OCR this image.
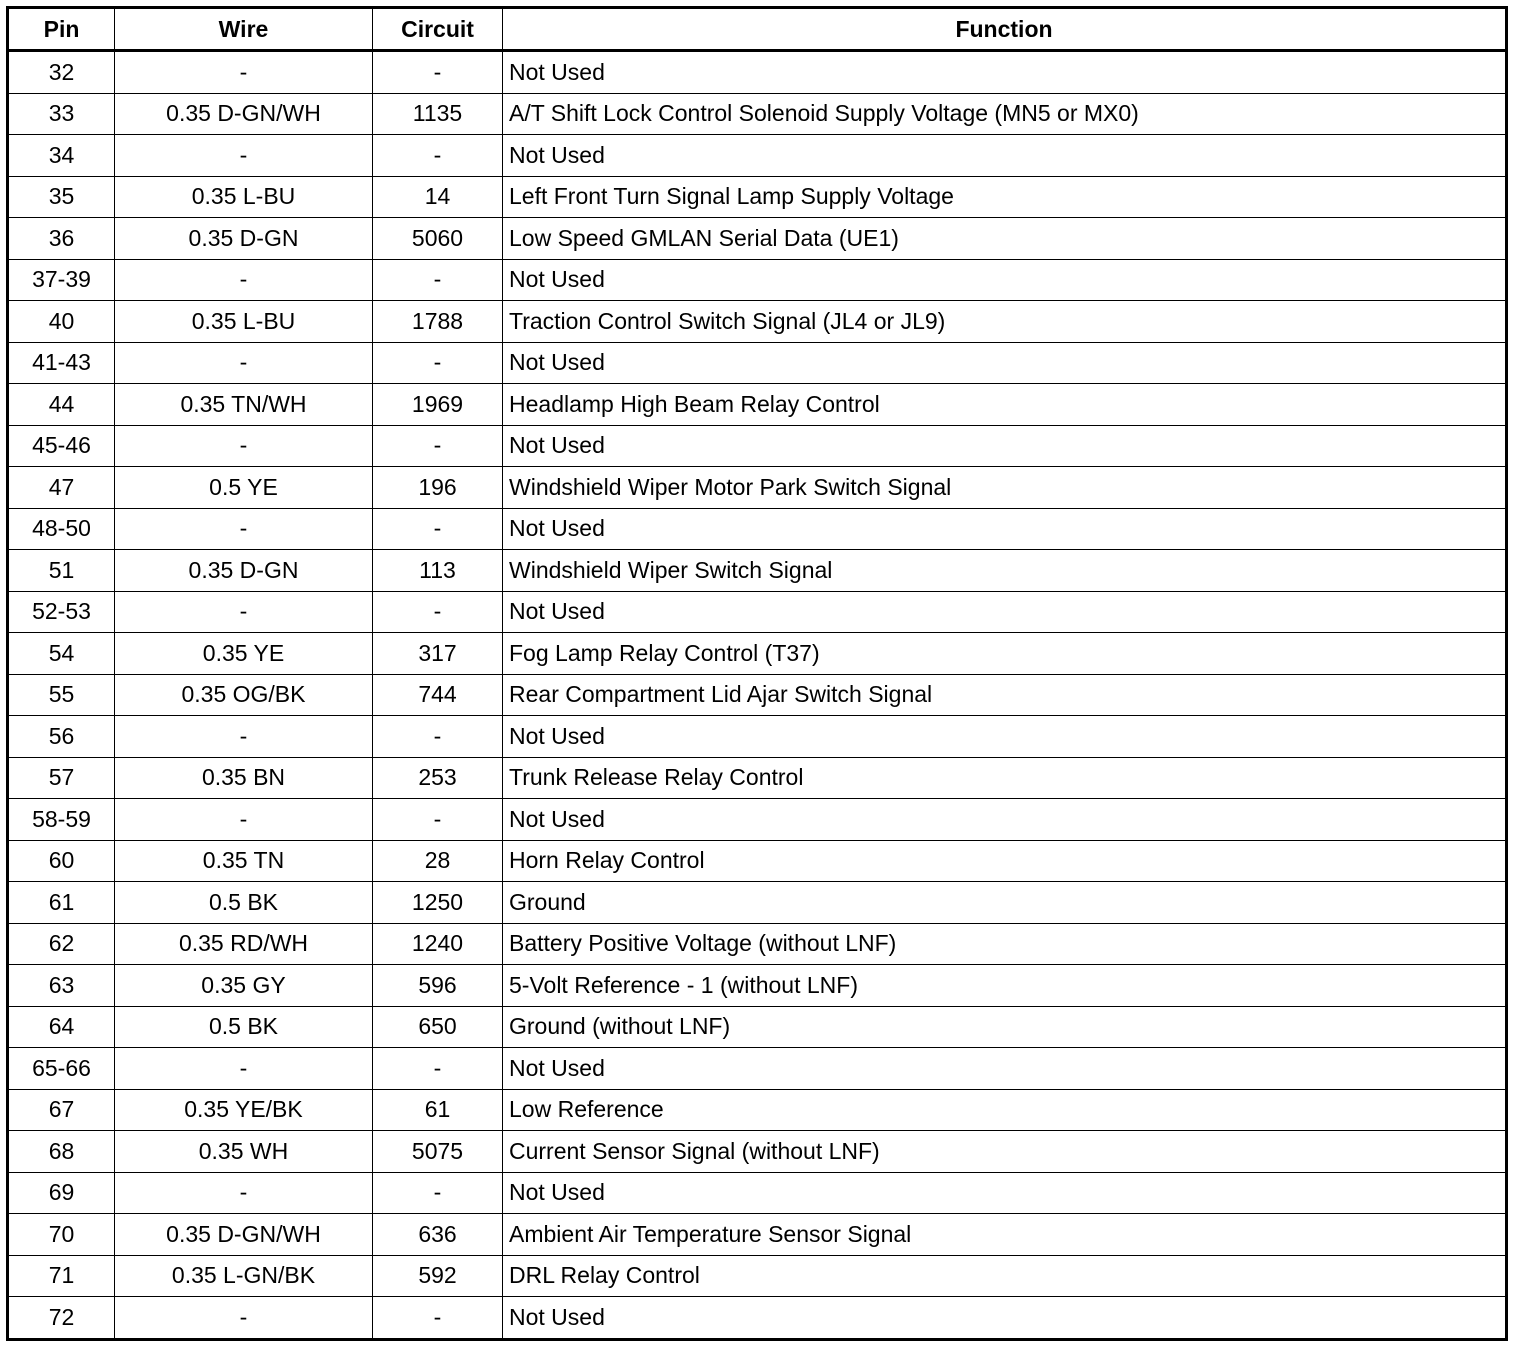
Pin	Wire	Circuit	Function
32	-	-	Not Used
33	0.35 D-GN/WH	1135	A/T Shift Lock Control Solenoid Supply Voltage (MN5 or MX0)
34	-	-	Not Used
35	0.35 L-BU	14	Left Front Turn Signal Lamp Supply Voltage
36	0.35 D-GN	5060	Low Speed GMLAN Serial Data (UE1)
37-39	-	-	Not Used
40	0.35 L-BU	1788	Traction Control Switch Signal (JL4 or JL9)
41-43	-	-	Not Used
44	0.35 TN/WH	1969	Headlamp High Beam Relay Control
45-46	-	-	Not Used
47	0.5 YE	196	Windshield Wiper Motor Park Switch Signal
48-50	-	-	Not Used
51	0.35 D-GN	113	Windshield Wiper Switch Signal
52-53	-	-	Not Used
54	0.35 YE	317	Fog Lamp Relay Control (T37)
55	0.35 OG/BK	744	Rear Compartment Lid Ajar Switch Signal
56	-	-	Not Used
57	0.35 BN	253	Trunk Release Relay Control
58-59	-	-	Not Used
60	0.35 TN	28	Horn Relay Control
61	0.5 BK	1250	Ground
62	0.35 RD/WH	1240	Battery Positive Voltage (without LNF)
63	0.35 GY	596	5-Volt Reference - 1 (without LNF)
64	0.5 BK	650	Ground (without LNF)
65-66	-	-	Not Used
67	0.35 YE/BK	61	Low Reference
68	0.35 WH	5075	Current Sensor Signal (without LNF)
69	-	-	Not Used
70	0.35 D-GN/WH	636	Ambient Air Temperature Sensor Signal
71	0.35 L-GN/BK	592	DRL Relay Control
72	-	-	Not Used
